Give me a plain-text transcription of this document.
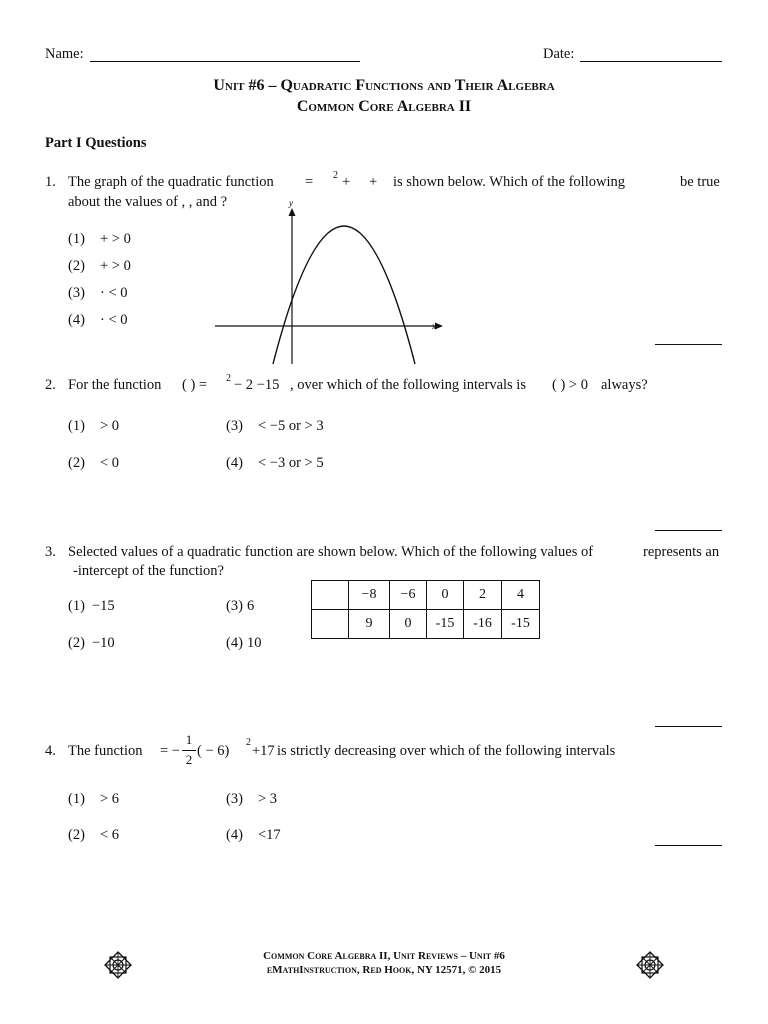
Name:	Date:
Unit #6 – Quadratic Functions and Their Algebra
Common Core Algebra II
Part I Questions
1. The graph of the quadratic function = 2 + + is shown below. Which of the following	be true
about the values of , , and ?
(1) + > 0
(2) + > 0
(3) · < 0
(4) · < 0
y
x
2. For the function ( ) = 2 − 2 −15 , over which of the following intervals is ( ) > 0 always?
(1) > 0
(2) < 0
(3) < −5 or > 3
(4) < −3 or > 5
3. Selected values of a quadratic function are shown below. Which of the following values of	represents an
-intercept of the function?
(1) −15
(2) −10
(3) 6
(4) 10
	−8	−6	0	2	4
	9	0	-15	-16	-15
4. The function = −
1
2
( − 6)
2
+17 is strictly decreasing over which of the following intervals
(1) > 6
(2) < 6
(3) > 3
(4) <17
Common Core Algebra II, Unit Reviews – Unit #6
eMathInstruction, Red Hook, NY 12571, © 2015
